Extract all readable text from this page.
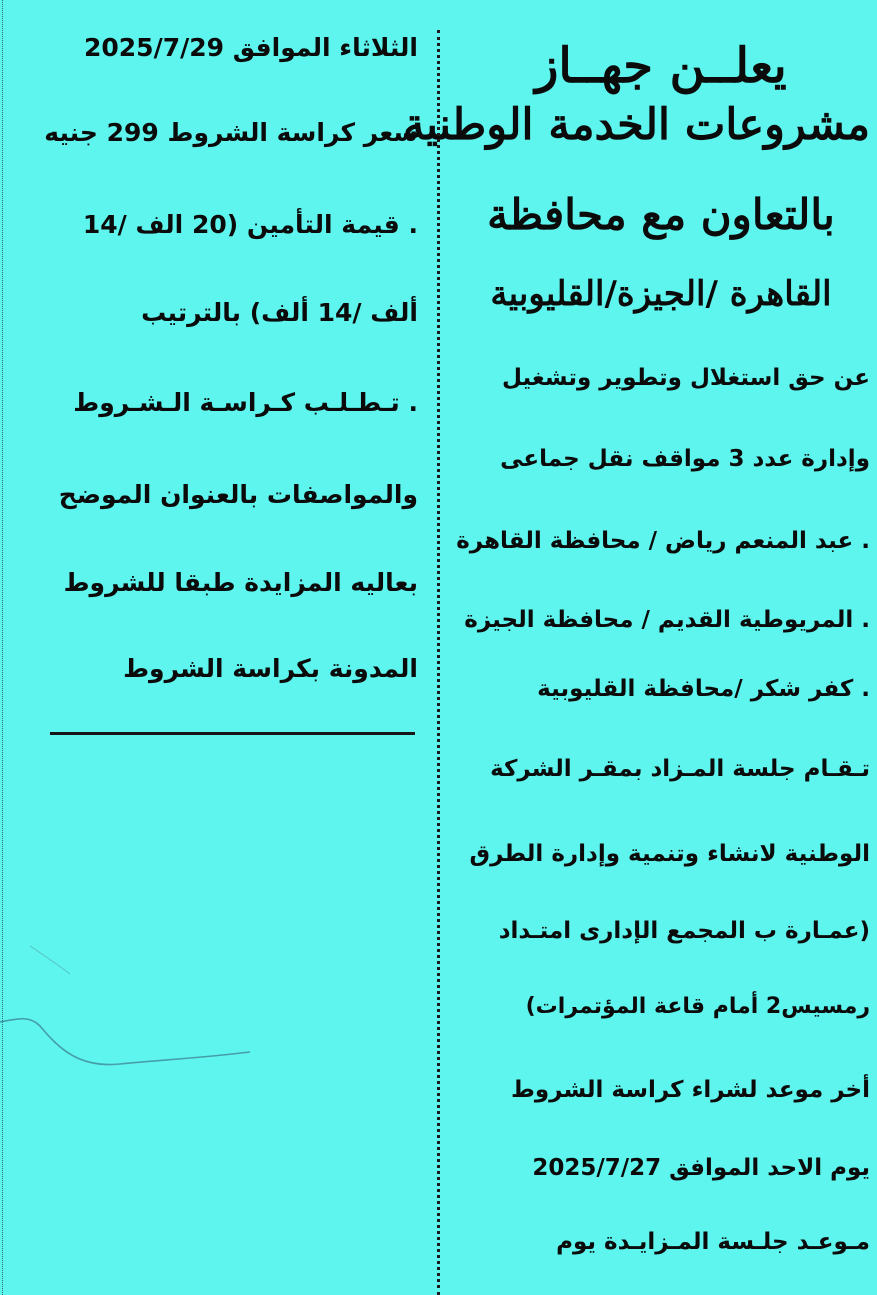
يعلــن جهــاز
مشروعات الخدمة الوطنية
بالتعاون مع محافظة
القاهرة /الجيزة/القليوبية
عن حق استغلال وتطوير وتشغيل
وإدارة عدد 3 مواقف نقل جماعى
. عبد المنعم رياض / محافظة القاهرة
. المريوطية القديم / محافظة الجيزة
. كفر شكر /محافظة القليوبية
تـقـام جلسة المـزاد بمقـر الشركة
الوطنية لانشاء وتنمية وإدارة الطرق
(عمـارة ب المجمع الإدارى امتـداد
رمسيس2 أمام قاعة المؤتمرات)
أخر موعد لشراء كراسة الشروط
يوم الاحد الموافق 2025/7/27
مـوعـد جلـسة المـزايـدة يوم
الثلاثاء الموافق 2025/7/29
سعر كراسة الشروط 299 جنيه
. قيمة التأمين (20 الف /14
ألف /14 ألف) بالترتيب
. تـطـلـب كـراسـة الـشـروط
والمواصفات بالعنوان الموضح
بعاليه المزايدة طبقا للشروط
المدونة بكراسة الشروط
